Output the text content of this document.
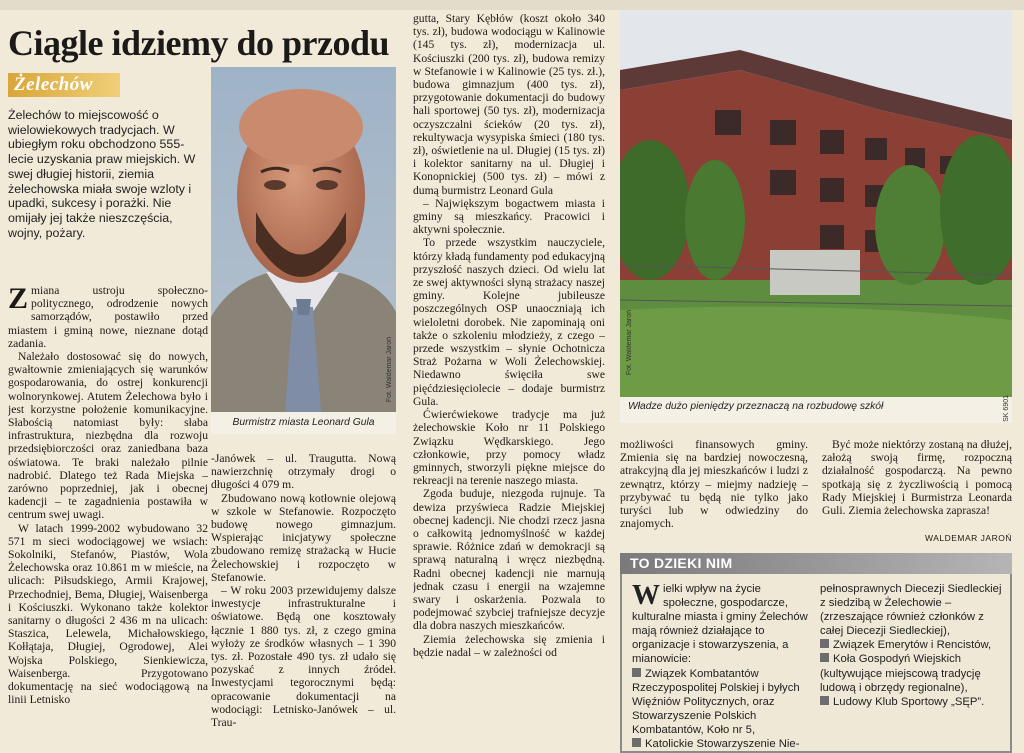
Ciągle idziemy do przodu
Żelechów
Żelechów to miejscowość o wielowiekowych tradycjach. W ubiegłym roku obchodzono 555-lecie uzyskania praw miejskich. W swej długiej historii, ziemia żelechowska miała swoje wzloty i upadki, sukcesy i porażki. Nie omijały jej także nieszczęścia, wojny, pożary.

Zmiana ustroju społeczno-politycznego, odrodzenie nowych samorządów, postawiło przed miastem i gminą nowe, nieznane dotąd zadania.

Należało dostosować się do nowych, gwałtownie zmieniających się warunków gospodarowania, do ostrej konkurencji wolnorynkowej. Atutem Żelechowa było i jest korzystne położenie komunikacyjne. Słabością natomiast były: słaba infrastruktura, niezbędna dla rozwoju przedsiębiorczości oraz zaniedbana baza oświatowa. Te braki należało pilnie nadrobić. Dlatego też Rada Miejska – zarówno poprzedniej, jak i obecnej kadencji – te zagadnienia postawiła w centrum swej uwagi.

W latach 1999-2002 wybudowano 32 571 m sieci wodociągowej we wsiach: Sokolniki, Stefanów, Piastów, Wola Żelechowska oraz 10.861 m w mieście, na ulicach: Piłsudskiego, Armii Krajowej, Przechodniej, Bema, Długiej, Waisenberga i Kościuszki. Wykonano także kolektor sanitarny o długości 2 436 m na ulicach: Staszica, Lelewela, Michałowskiego, Kołłątaja, Długiej, Ogrodowej, Alei Wojska Polskiego, Sienkiewicza, Waisenberga. Przygotowano dokumentację na sieć wodociągową na linii Letnisko

Fot. Waldemar Jaroń
Burmistrz miasta Leonard Gula

-Janówek – ul. Traugutta. Nową nawierzchnię otrzymały drogi o długości 4 079 m.

Zbudowano nową kotłownie olejową w szkole w Stefanowie. Rozpoczęto budowę nowego gimnazjum. Wspierając inicjatywy społeczne zbudowano remizę strażacką w Hucie Żelechowskiej i rozpoczęto w Stefanowie.

– W roku 2003 przewidujemy dalsze inwestycje infrastrukturalne i oświatowe. Będą one kosztowały łącznie 1 880 tys. zł, z czego gmina wyłoży ze środków własnych – 1 390 tys. zł. Pozostałe 490 tys. zł udało się pozyskać z innych źródeł. Inwestycjami tegorocznymi będą: opracowanie dokumentacji na wodociągi: Letnisko-Janówek – ul. Trau-

gutta, Stary Kębłów (koszt około 340 tys. zł), budowa wodociągu w Kalinowie (145 tys. zł), modernizacja ul. Kościuszki (200 tys. zł), budowa remizy w Stefanowie i w Kalinowie (25 tys. zł.), budowa gimnazjum (400 tys. zł), przygotowanie dokumentacji do budowy hali sportowej (50 tys. zł), modernizacja oczyszczalni ścieków (20 tys. zł), rekultywacja wysypiska śmieci (180 tys. zł), oświetlenie na ul. Długiej (15 tys. zł) i kolektor sanitarny na ul. Długiej i Konopnickiej (500 tys. zł) – mówi z dumą burmistrz Leonard Gula

– Największym bogactwem miasta i gminy są mieszkańcy. Pracowici i aktywni społecznie.

To przede wszystkim nauczyciele, którzy kładą fundamenty pod edukacyjną przyszłość naszych dzieci. Od wielu lat ze swej aktywności słyną strażacy naszej gminy. Kolejne jubileusze poszczególnych OSP unaoczniają ich wieloletni dorobek. Nie zapominają oni także o szkoleniu młodzieży, z czego – przede wszystkim – słynie Ochotnicza Straż Pożarna w Woli Żelechowskiej. Niedawno święciła swe pięćdziesięciolecie – dodaje burmistrz Gula.

Ćwierćwiekowe tradycje ma już żelechowskie Koło nr 11 Polskiego Związku Wędkarskiego. Jego członkowie, przy pomocy władz gminnych, stworzyli piękne miejsce do rekreacji na terenie naszego miasta.

Zgoda buduje, niezgoda rujnuje. Ta dewiza przyświeca Radzie Miejskiej obecnej kadencji. Nie chodzi rzecz jasna o całkowitą jednomyślność w każdej sprawie. Różnice zdań w demokracji są sprawą naturalną i wręcz niezbędną. Radni obecnej kadencji nie marnują jednak czasu i energii na wzajemne swary i oskarżenia. Pozwala to podejmować szybciej trafniejsze decyzje dla dobra naszych mieszkańców.

Ziemia żelechowska się zmienia i będzie nadal – w zależności od

Fot. Waldemar Jaroń
Władze dużo pieniędzy przeznaczą na rozbudowę szkół	SK 6901

możliwości finansowych gminy. Zmienia się na bardziej nowoczesną, atrakcyjną dla jej mieszkańców i ludzi z zewnątrz, którzy – miejmy nadzieję – przybywać tu będą nie tylko jako turyści lub w odwiedziny do znajomych.

Być może niektórzy zostaną na dłużej, założą swoją firmę, rozpoczną działalność gospodarczą. Na pewno spotkają się z życzliwością i pomocą Rady Miejskiej i Burmistrza Leonarda Guli. Ziemia żelechowska zaprasza!

WALDEMAR JAROŃ
TO DZIEKI NIM
Wielki wpływ na życie społeczne, gospodarcze, kulturalne miasta i gminy Żelechów mają również działające to organizacje i stowarzyszenia, a mianowicie:
Związek Kombatantów Rzeczypospolitej Polskiej i byłych Więźniów Politycznych, oraz Stowarzyszenie Polskich Kombatantów, Koło nr 5,
Katolickie Stowarzyszenie Nie-
pełnosprawnych Diecezji Siedleckiej z siedzibą w Żelechowie – (zrzeszające również członków z całej Diecezji Siedleckiej),
Związek Emerytów i Rencistów,
Koła Gospodyń Wiejskich (kultywujące miejscową tradycję ludową i obrzędy regionalne),
Ludowy Klub Sportowy „SĘP”.
